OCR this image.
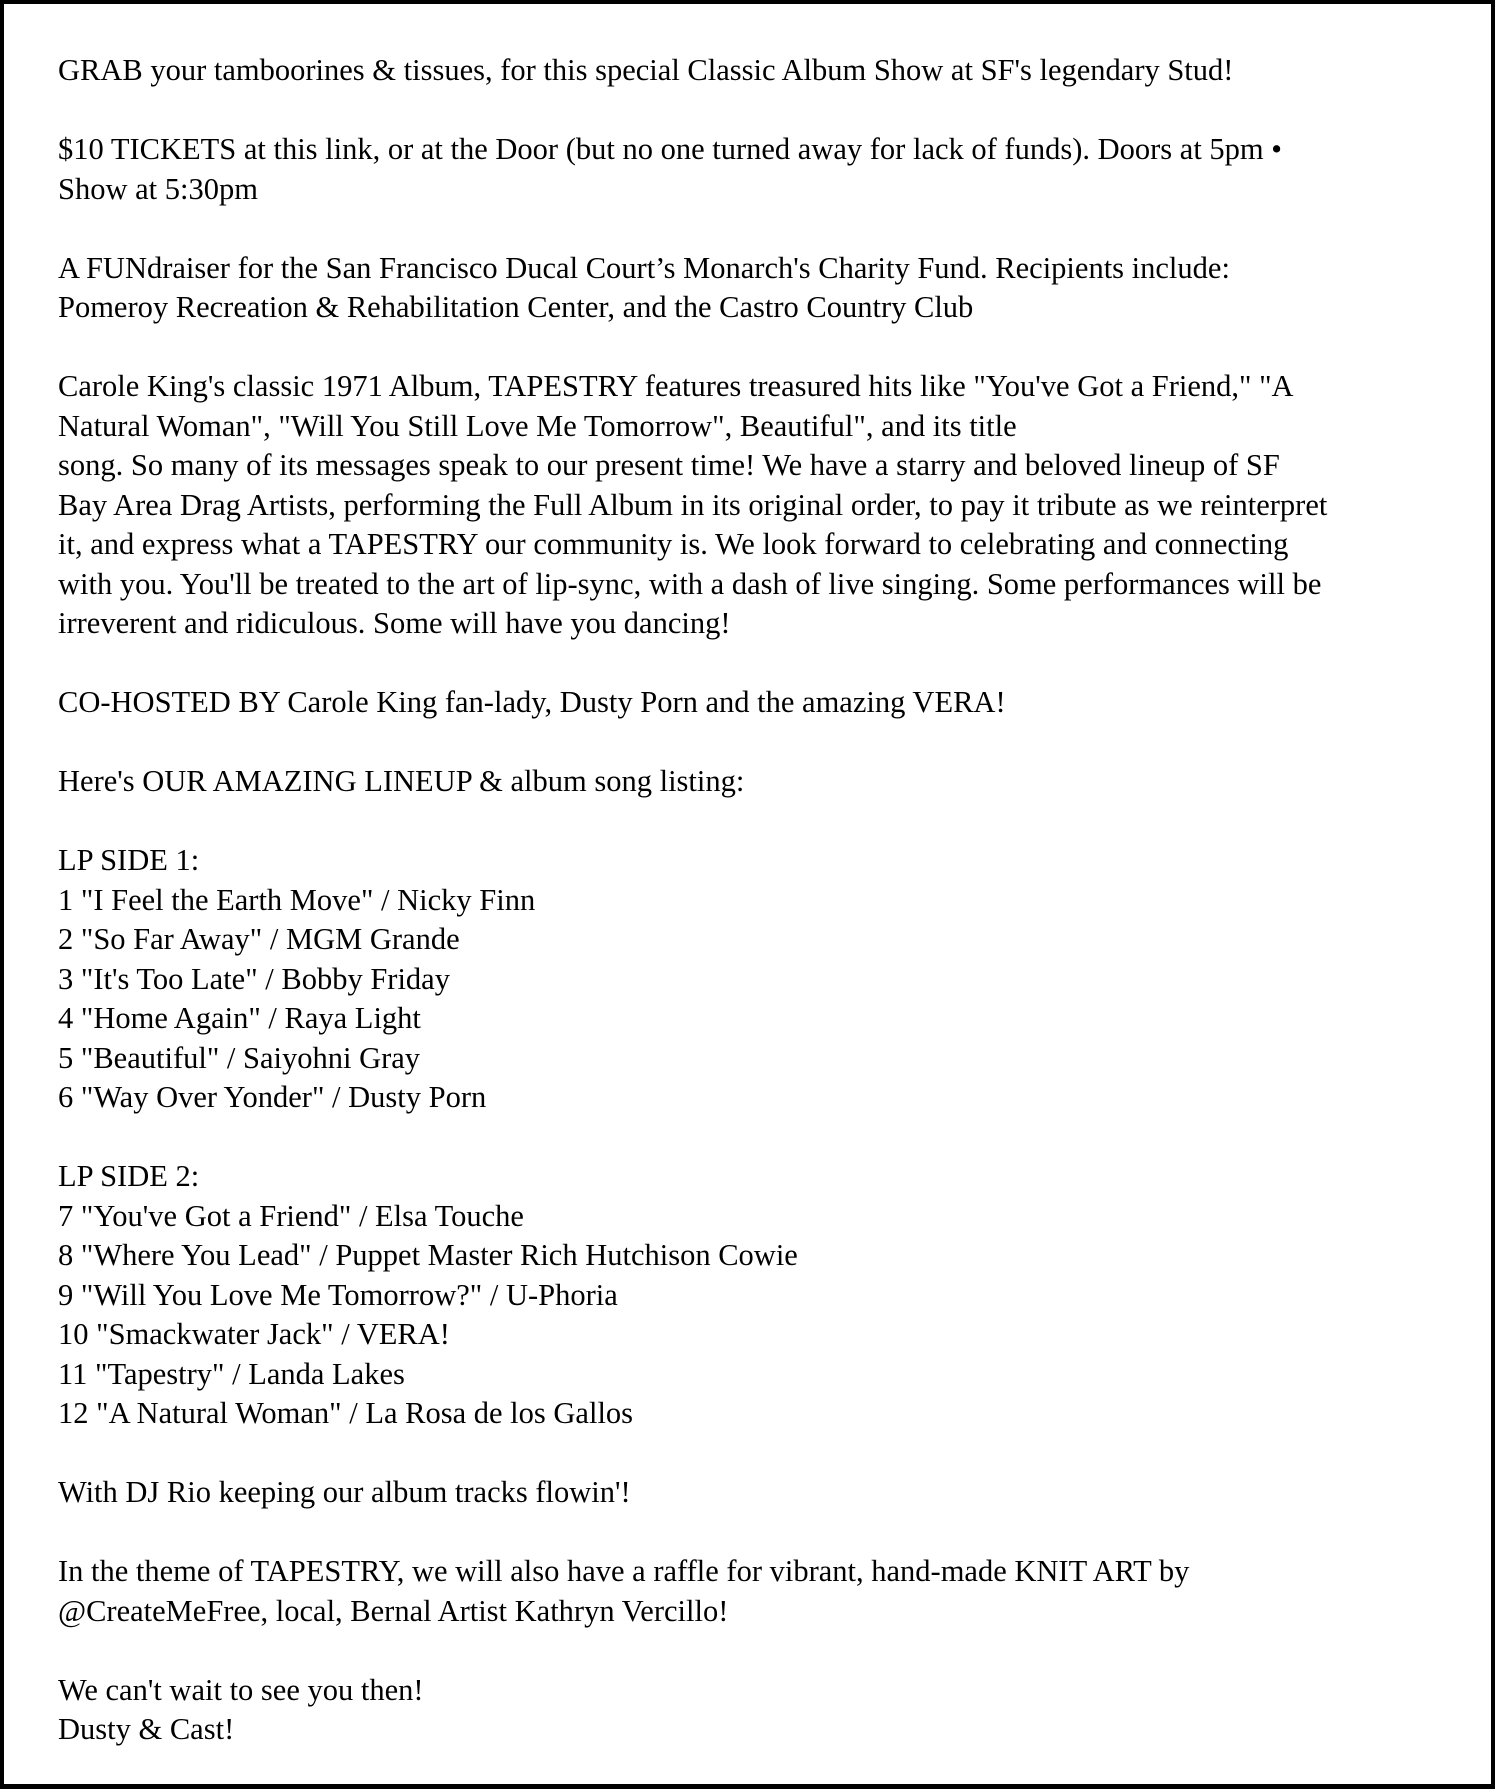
GRAB your tamboorines & tissues, for this special Classic Album Show at SF's legendary Stud!

$10 TICKETS at this link, or at the Door (but no one turned away for lack of funds). Doors at 5pm •
Show at 5:30pm

A FUNdraiser for the San Francisco Ducal Court’s Monarch's Charity Fund. Recipients include:
Pomeroy Recreation & Rehabilitation Center, and the Castro Country Club

Carole King's classic 1971 Album, TAPESTRY features treasured hits like "You've Got a Friend," "A
Natural Woman", "Will You Still Love Me Tomorrow", Beautiful", and its title
song. So many of its messages speak to our present time! We have a starry and beloved lineup of SF
Bay Area Drag Artists, performing the Full Album in its original order, to pay it tribute as we reinterpret
it, and express what a TAPESTRY our community is. We look forward to celebrating and connecting
with you. You'll be treated to the art of lip-sync, with a dash of live singing. Some performances will be
irreverent and ridiculous. Some will have you dancing!

CO-HOSTED BY Carole King fan-lady, Dusty Porn and the amazing VERA!

Here's OUR AMAZING LINEUP & album song listing:

LP SIDE 1:
1 "I Feel the Earth Move" / Nicky Finn
2 "So Far Away" / MGM Grande
3 "It's Too Late" / Bobby Friday
4 "Home Again" / Raya Light
5 "Beautiful" / Saiyohni Gray
6 "Way Over Yonder" / Dusty Porn
LP SIDE 2:
7 "You've Got a Friend" / Elsa Touche
8 "Where You Lead" / Puppet Master Rich Hutchison Cowie
9 "Will You Love Me Tomorrow?" / U-Phoria
10 "Smackwater Jack" / VERA!
11 "Tapestry" / Landa Lakes
12 "A Natural Woman" / La Rosa de los Gallos

With DJ Rio keeping our album tracks flowin'!

In the theme of TAPESTRY, we will also have a raffle for vibrant, hand-made KNIT ART by
@CreateMeFree, local, Bernal Artist Kathryn Vercillo!

We can't wait to see you then!
Dusty & Cast!
